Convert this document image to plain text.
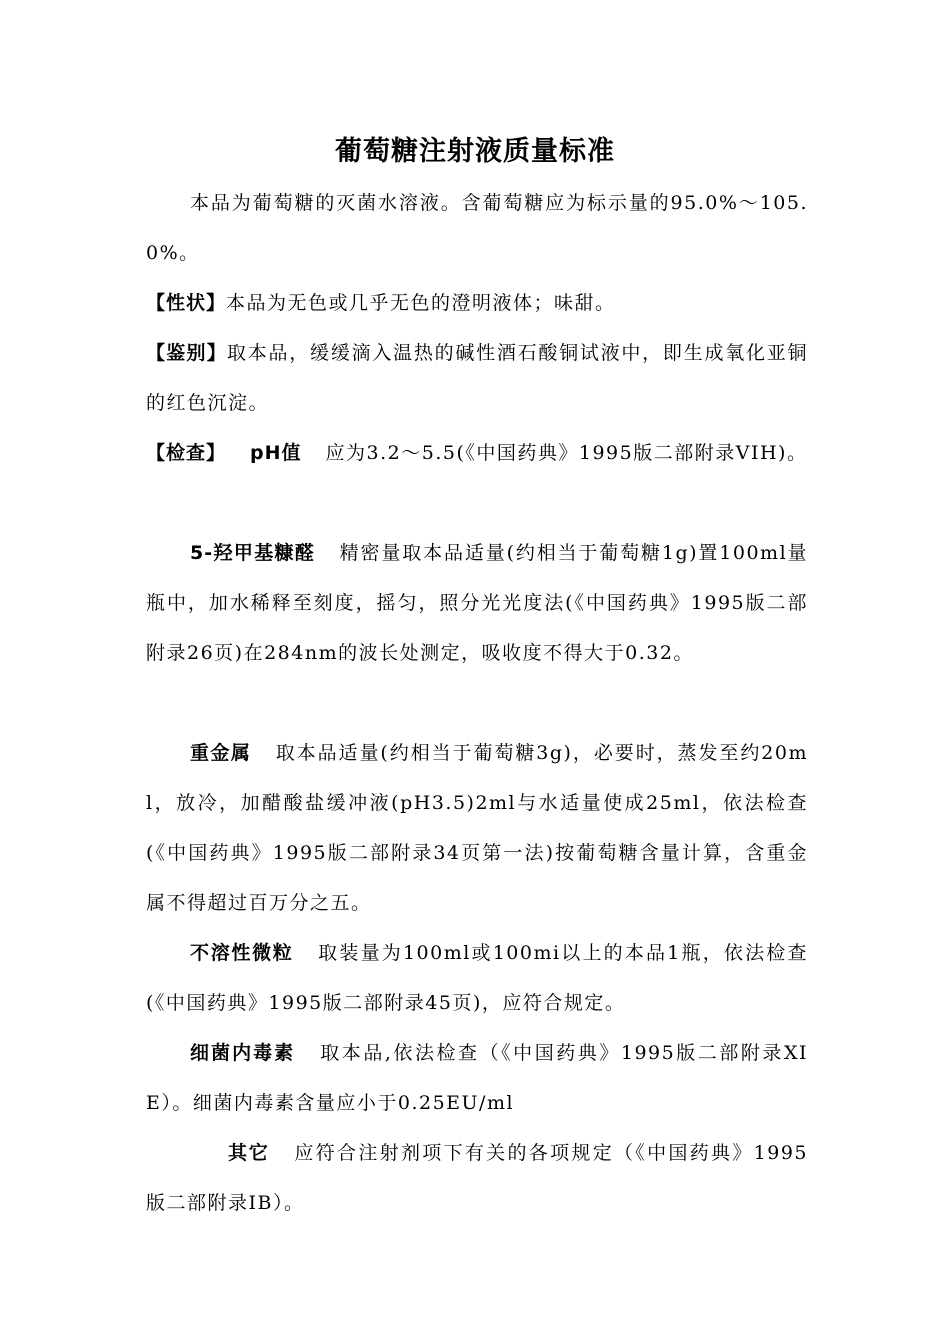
葡萄糖注射液质量标准
本品为葡萄糖的灭菌水溶液。含葡萄糖应为标示量的95.0%～105.0%。
【性状】本品为无色或几乎无色的澄明液体；味甜。
【鉴别】取本品，缓缓滴入温热的碱性酒石酸铜试液中，即生成氧化亚铜的红色沉淀。
【检查】 pH值 应为3.2～5.5(《中国药典》1995版二部附录VIH)。
5-羟甲基糠醛 精密量取本品适量(约相当于葡萄糖1g)置100ml量瓶中，加水稀释至刻度，摇匀，照分光光度法(《中国药典》1995版二部附录26页)在284nm的波长处测定，吸收度不得大于0.32。
重金属 取本品适量(约相当于葡萄糖3g)，必要时，蒸发至约20ml，放冷，加醋酸盐缓冲液(pH3.5)2ml与水适量使成25ml，依法检查(《中国药典》1995版二部附录34页第一法)按葡萄糖含量计算，含重金属不得超过百万分之五。
不溶性微粒 取装量为100ml或100mi以上的本品1瓶，依法检查(《中国药典》1995版二部附录45页)，应符合规定。
细菌内毒素 取本品,依法检查（《中国药典》1995版二部附录XI E）。细菌内毒素含量应小于0.25EU/ml
其它 应符合注射剂项下有关的各项规定（《中国药典》1995版二部附录IB）。
